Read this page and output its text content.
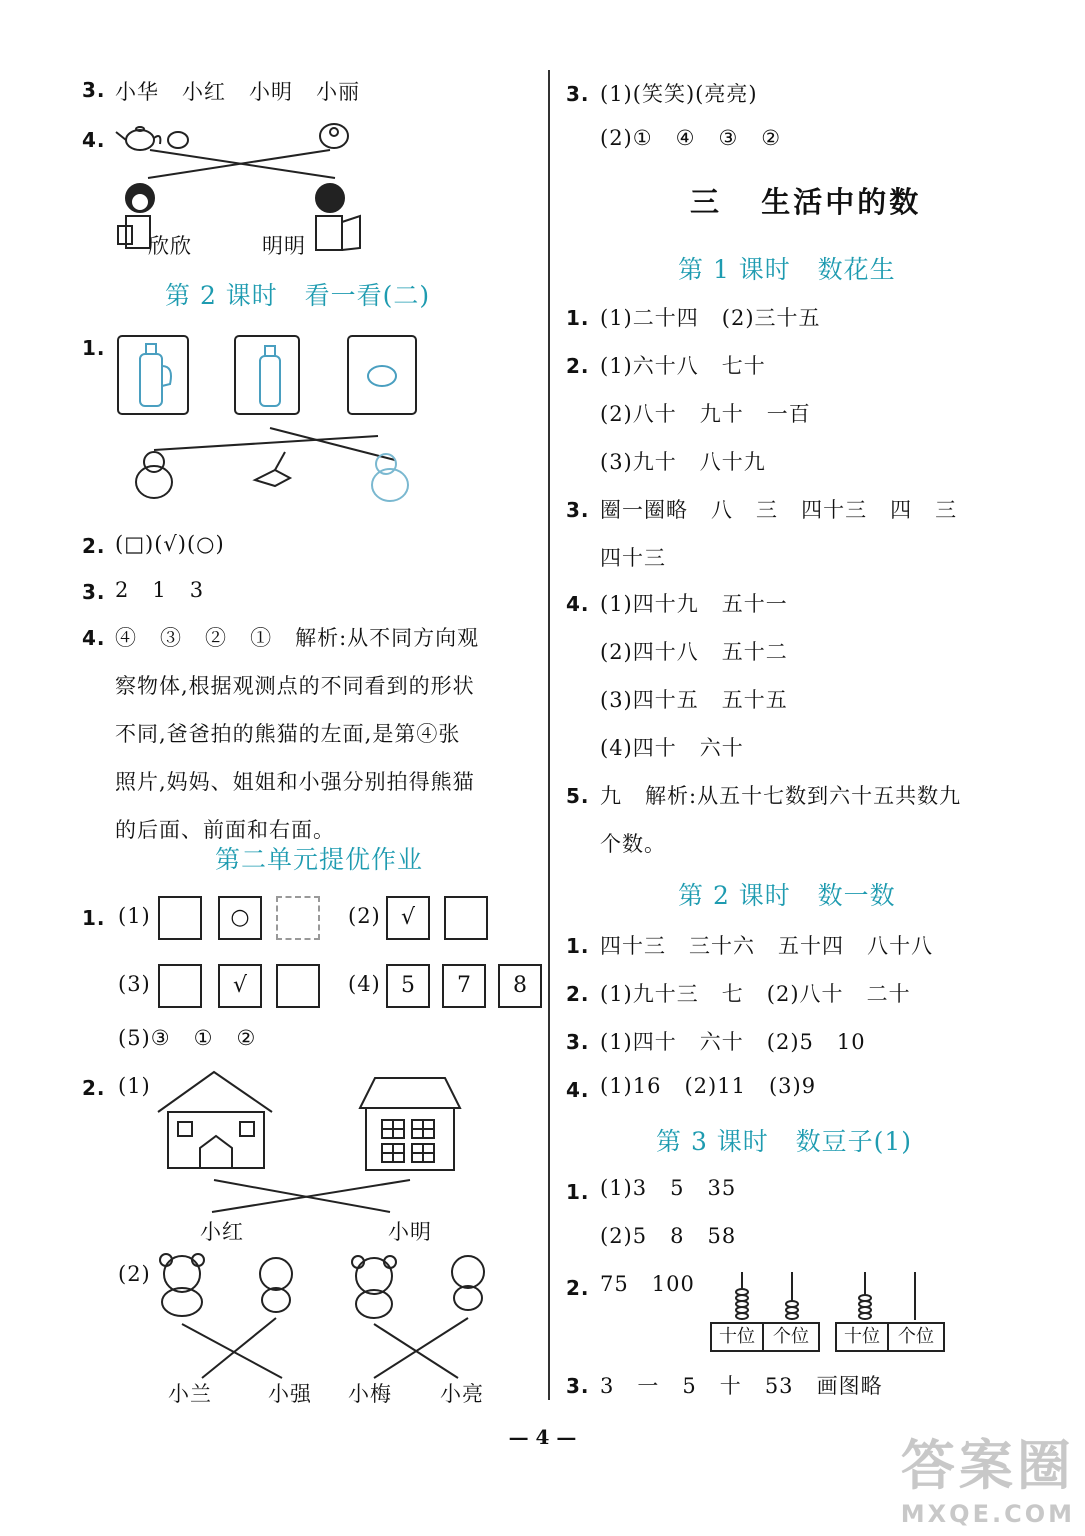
3. 小华   小红   小明   小丽
4.
欣欣	明明
第 2 课时   看一看(二)
1.
2. (□)(√)(○)
3. 2   1   3
4. ④   ③   ②   ①   解析:从不同方向观
察物体,根据观测点的不同看到的形状
不同,爸爸拍的熊猫的左面,是第④张
照片,妈妈、姐姐和小强分别拍得熊猫
的后面、前面和右面。
第二单元提优作业
1. (1)	○	(2) √
(3)	√	(4) 5	7	8
(5)③   ①   ②
2. (1)
小红	小明
(2)
小兰	小强 小梅 小亮
3. (1)(笑笑)(亮亮)
(2)①   ④   ③   ②
三   生活中的数
第 1 课时   数花生
1. (1)二十四   (2)三十五
2. (1)六十八   七十
(2)八十   九十   一百
(3)九十   八十九
3. 圈一圈略   八   三   四十三   四   三
四十三
4. (1)四十九   五十一
(2)四十八   五十二
(3)四十五   五十五
(4)四十   六十
5. 九   解析:从五十七数到六十五共数九
个数。
第 2 课时   数一数
1. 四十三   三十六   五十四   八十八
2. (1)九十三   七   (2)八十   二十
3. (1)四十   六十   (2)5   10
4. (1)16   (2)11   (3)9
第 3 课时   数豆子(1)
1. (1)3   5   35
(2)5   8   58
2. 75   100
十位	个位	十位	个位
3. 3   一   5   十   53   画图略
— 4 —	答案圈
MXQE.COM
